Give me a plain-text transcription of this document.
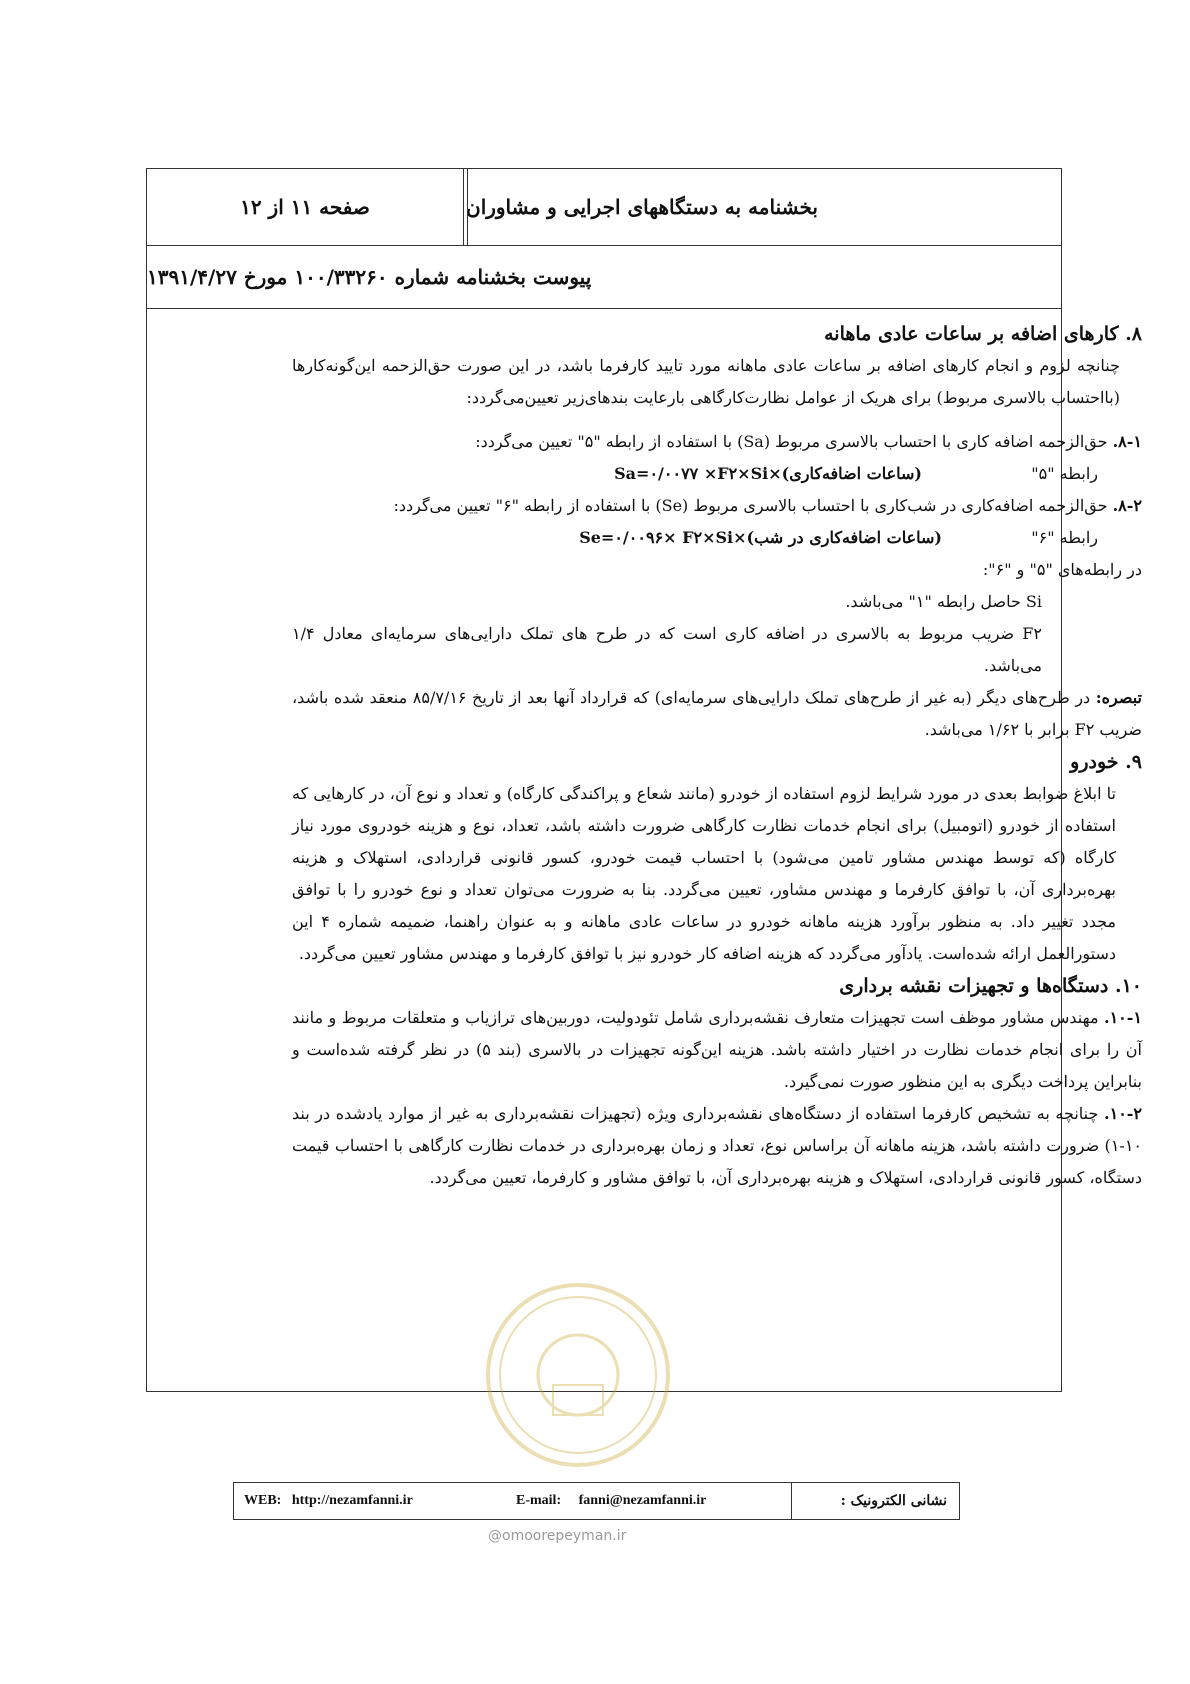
بخشنامه به دستگاههای اجرایی و مشاوران
صفحه ۱۱ از ۱۲
پیوست بخشنامه شماره ۱۰۰/۳۳۲۶۰ مورخ ۱۳۹۱/۴/۲۷

۸. کارهای اضافه بر ساعات عادی ماهانه

چنانچه لزوم و انجام کارهای اضافه بر ساعات عادی ماهانه مورد تایید کارفرما باشد، در این صورت حق‌الزحمه این‌گونه‌کارها (بااحتساب بالاسری مربوط) برای هریک از عوامل نظارت‌کارگاهی بارعایت بندهای‌زیر تعیین‌می‌گردد:

۸-۱. حق‌الزحمه اضافه کاری با احتساب بالاسری مربوط (Sa) با استفاده از رابطه "۵" تعیین می‌گردد:

رابطه "۵"
Sa=۰/۰۰۷۷ ×F۲×Si×(ساعات اضافه‌کاری)

۸-۲. حق‌الزحمه اضافه‌کاری در شب‌کاری با احتساب بالاسری مربوط (Se) با استفاده از رابطه "۶" تعیین می‌گردد:

رابطه "۶"
Se=۰/۰۰۹۶× F۲×Si×(ساعات اضافه‌کاری در شب)

در رابطه‌های "۵" و "۶":

Si حاصل رابطه "۱" می‌باشد.

F۲ ضریب مربوط به بالاسری در اضافه کاری است که در طرح های تملک دارایی‌های سرمایه‌ای معادل ۱/۴ می‌باشد.

تبصره: در طرح‌های دیگر (به غیر از طرح‌های تملک دارایی‌های سرمایه‌ای) که قرارداد آنها بعد از تاریخ ۸۵/۷/۱۶ منعقد شده باشد، ضریب F۲ برابر با ۱/۶۲ می‌باشد.

۹. خودرو

تا ابلاغ ضوابط بعدی در مورد شرایط لزوم استفاده از خودرو (مانند شعاع و پراکندگی کارگاه) و تعداد و نوع آن، در کارهایی که استفاده از خودرو (اتومبیل) برای انجام خدمات نظارت کارگاهی ضرورت داشته باشد، تعداد، نوع و هزینه خودروی مورد نیاز کارگاه (که توسط مهندس مشاور تامین می‌شود) با احتساب قیمت خودرو، کسور قانونی قراردادی، استهلاک و هزینه بهره‌برداری آن، با توافق کارفرما و مهندس مشاور، تعیین می‌گردد. بنا به ضرورت می‌توان تعداد و نوع خودرو را با توافق مجدد تغییر داد. به منظور برآورد هزینه ماهانه خودرو در ساعات عادی ماهانه و به عنوان راهنما، ضمیمه شماره ۴ این دستورالعمل ارائه شده‌است. یادآور می‌گردد که هزینه اضافه کار خودرو نیز با توافق کارفرما و مهندس مشاور تعیین می‌گردد.

۱۰. دستگاه‌ها و تجهیزات نقشه برداری

۱۰-۱. مهندس مشاور موظف است تجهیزات متعارف نقشه‌برداری شامل تئودولیت، دوربین‌های ترازیاب و متعلقات مربوط و مانند آن را برای انجام خدمات نظارت در اختیار داشته باشد. هزینه این‌گونه تجهیزات در بالاسری (بند ۵) در نظر گرفته شده‌است و بنابراین پرداخت دیگری به این منظور صورت نمی‌گیرد.

۱۰-۲. چنانچه به تشخیص کارفرما استفاده از دستگاه‌های نقشه‌برداری ویژه (تجهیزات نقشه‌برداری به غیر از موارد یادشده در بند ۱۰-۱) ضرورت داشته باشد، هزینه ماهانه آن براساس نوع، تعداد و زمان بهره‌برداری در خدمات نظارت کارگاهی با احتساب قیمت دستگاه، کسور قانونی قراردادی، استهلاک و هزینه بهره‌برداری آن، با توافق مشاور و کارفرما، تعیین می‌گردد.

نشانی الکترونیک :
E-mail: fanni@nezamfanni.ir
WEB: http://nezamfanni.ir
@omoorepeyman.ir
